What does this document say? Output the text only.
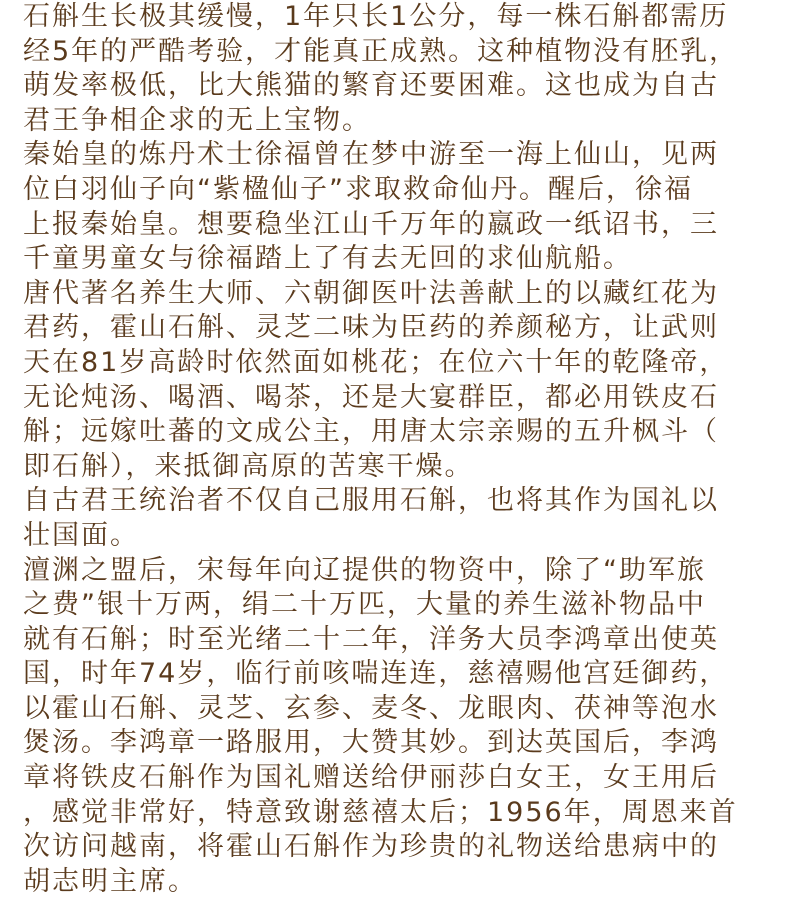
石斛生长极其缓慢，1年只长1公分，每一株石斛都需历
经5年的严酷考验，才能真正成熟。这种植物没有胚乳，
萌发率极低，比大熊猫的繁育还要困难。这也成为自古
君王争相企求的无上宝物。
秦始皇的炼丹术士徐福曾在梦中游至一海上仙山，见两
位白羽仙子向“紫楹仙子”求取救命仙丹。醒后，徐福
上报秦始皇。想要稳坐江山千万年的嬴政一纸诏书，三
千童男童女与徐福踏上了有去无回的求仙航船。
唐代著名养生大师、六朝御医叶法善献上的以藏红花为
君药，霍山石斛、灵芝二味为臣药的养颜秘方，让武则
天在81岁高龄时依然面如桃花；在位六十年的乾隆帝，
无论炖汤、喝酒、喝茶，还是大宴群臣，都必用铁皮石
斛；远嫁吐蕃的文成公主，用唐太宗亲赐的五升枫斗（
即石斛），来抵御高原的苦寒干燥。
自古君王统治者不仅自己服用石斛，也将其作为国礼以
壮国面。
澶渊之盟后，宋每年向辽提供的物资中，除了“助军旅
之费”银十万两，绢二十万匹，大量的养生滋补物品中
就有石斛；时至光绪二十二年，洋务大员李鸿章出使英
国，时年74岁，临行前咳喘连连，慈禧赐他宫廷御药，
以霍山石斛、灵芝、玄参、麦冬、龙眼肉、茯神等泡水
煲汤。李鸿章一路服用，大赞其妙。到达英国后，李鸿
章将铁皮石斛作为国礼赠送给伊丽莎白女王，女王用后
，感觉非常好，特意致谢慈禧太后；1956年，周恩来首
次访问越南，将霍山石斛作为珍贵的礼物送给患病中的
胡志明主席。
